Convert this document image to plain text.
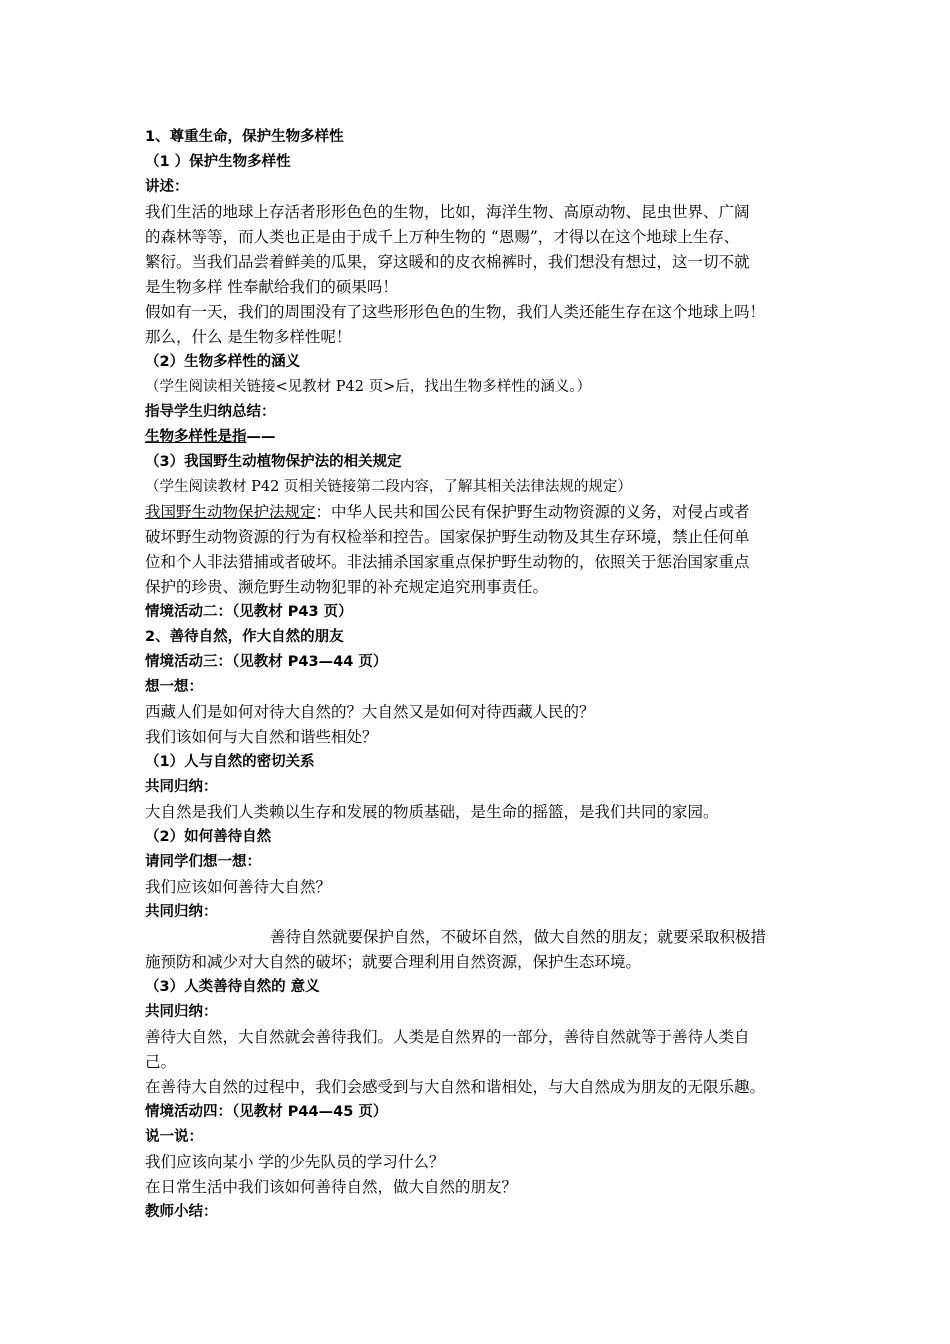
1、尊重生命，保护生物多样性
（1 ）保护生物多样性
讲述：
我们生活的地球上存活者形形色色的生物，比如，海洋生物、高原动物、昆虫世界、广阔
的森林等等，而人类也正是由于成千上万种生物的 “恩赐”，才得以在这个地球上生存、
繁衍。当我们品尝着鲜美的瓜果，穿这暖和的皮衣棉裤时，我们想没有想过，这一切不就
是生物多样 性奉献给我们的硕果吗！
假如有一天，我们的周围没有了这些形形色色的生物，我们人类还能生存在这个地球上吗！
那么，什么 是生物多样性呢！
（2）生物多样性的涵义
（学生阅读相关链接<见教材 P42 页>后，找出生物多样性的涵义。）
指导学生归纳总结：
生物多样性是指——
（3）我国野生动植物保护法的相关规定
（学生阅读教材 P42 页相关链接第二段内容，了解其相关法律法规的规定）
我国野生动物保护法规定：中华人民共和国公民有保护野生动物资源的义务，对侵占或者
破坏野生动物资源的行为有权检举和控告。国家保护野生动物及其生存环境，禁止任何单
位和个人非法猎捕或者破坏。非法捕杀国家重点保护野生动物的，依照关于惩治国家重点
保护的珍贵、濒危野生动物犯罪的补充规定追究刑事责任。
情境活动二：（见教材 P43 页）
2、善待自然，作大自然的朋友
情境活动三：（见教材 P43—44 页）
想一想：
西藏人们是如何对待大自然的？大自然又是如何对待西藏人民的？
我们该如何与大自然和谐些相处？
（1）人与自然的密切关系
共同归纳：
大自然是我们人类赖以生存和发展的物质基础，是生命的摇篮，是我们共同的家园。
（2）如何善待自然
请同学们想一想：
我们应该如何善待大自然？
共同归纳：
善待自然就要保护自然，不破坏自然，做大自然的朋友；就要采取积极措
施预防和减少对大自然的破坏；就要合理利用自然资源，保护生态环境。
（3）人类善待自然的 意义
共同归纳：
善待大自然，大自然就会善待我们。人类是自然界的一部分，善待自然就等于善待人类自
己。
在善待大自然的过程中，我们会感受到与大自然和谐相处，与大自然成为朋友的无限乐趣。
情境活动四：（见教材 P44—45 页）
说一说：
我们应该向某小 学的少先队员的学习什么？
在日常生活中我们该如何善待自然，做大自然的朋友？
教师小结：
